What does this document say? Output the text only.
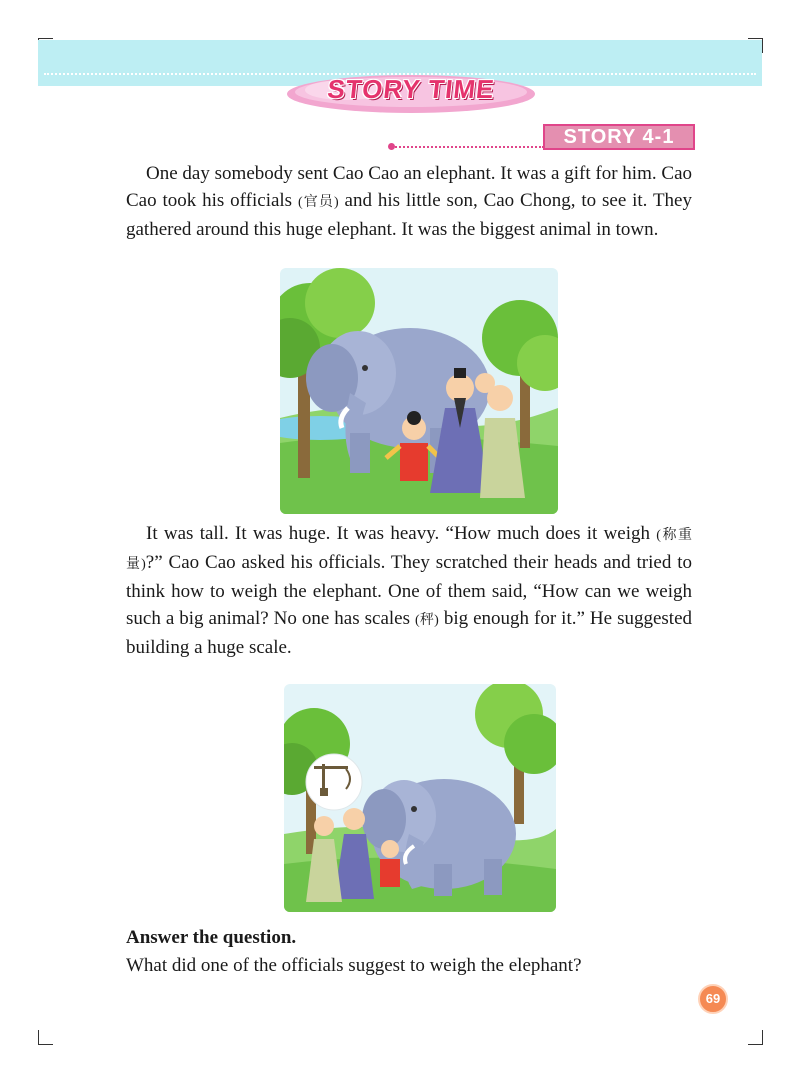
STORY TIME
STORY 4-1

One day somebody sent Cao Cao an elephant. It was a gift for him. Cao Cao took his officials (官员) and his little son, Cao Chong, to see it. They gathered around this huge elephant. It was the biggest animal in town.

It was tall. It was huge. It was heavy. “How much does it weigh (称重量)?” Cao Cao asked his officials. They scratched their heads and tried to think how to weigh the elephant. One of them said, “How can we weigh such a big animal? No one has scales (秤) big enough for it.” He suggested building a huge scale.

Answer the question.

What did one of the officials suggest to weigh the elephant?

69
